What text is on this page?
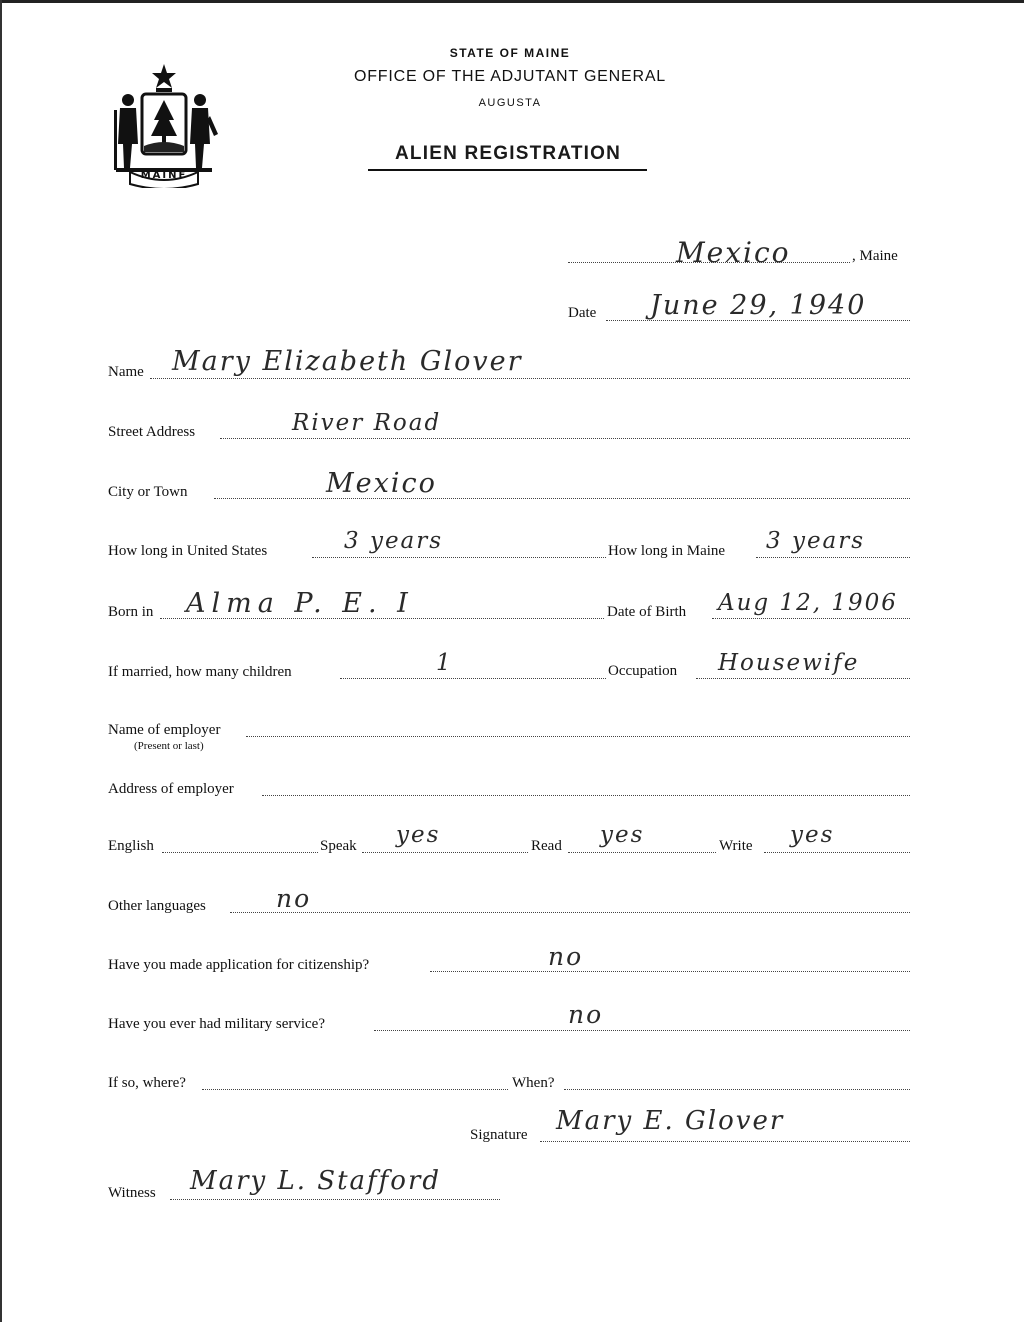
MAINE
STATE OF MAINE
OFFICE OF THE ADJUTANT GENERAL
AUGUSTA
ALIEN REGISTRATION
Mexico	, Maine
Date June 29, 1940
Name Mary Elizabeth Glover
Street Address	River Road
City or Town	Mexico
How long in United States	3 years	How long in Maine 3 years
Born in Alma P. E. I	Date of Birth Aug 12, 1906
If married, how many children	1	Occupation Housewife
Name of employer
(Present or last)
Address of employer
English	Speak yes	Read yes	Write yes
Other languages	no
Have you made application for citizenship?	no
Have you ever had military service?	no
If so, where?	When?
Signature Mary E. Glover
Witness Mary L. Stafford
